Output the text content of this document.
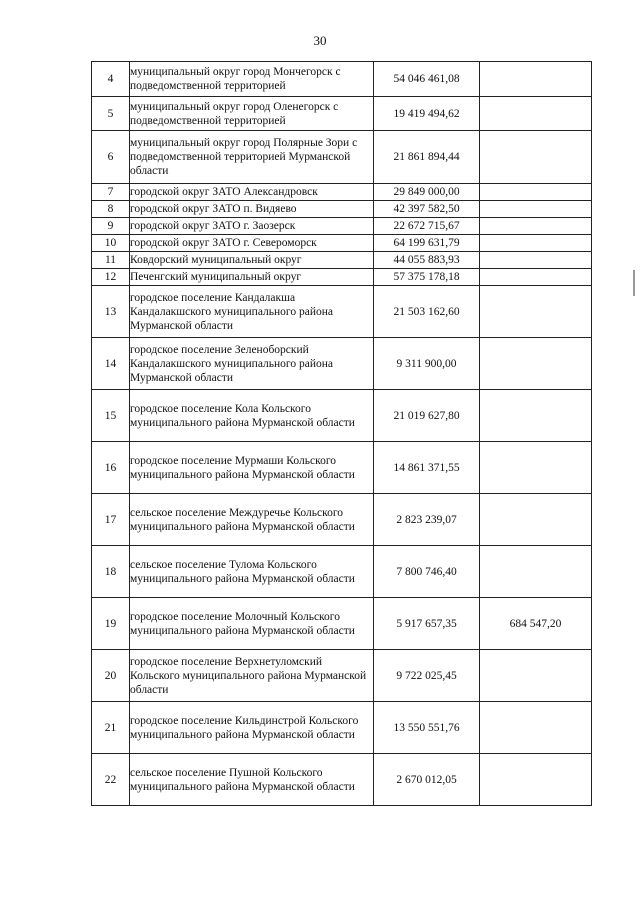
30
4	муниципальный округ город Мончегорск с подведомственной территорией	54 046 461,08	
5	муниципальный округ город Оленегорск с подведомственной территорией	19 419 494,62	
6	муниципальный округ город Полярные Зори с подведомственной территорией Мурманской области	21 861 894,44	
7	городской округ ЗАТО Александровск	29 849 000,00	
8	городской округ ЗАТО п. Видяево	42 397 582,50	
9	городской округ ЗАТО г. Заозерск	22 672 715,67	
10	городской округ ЗАТО г. Североморск	64 199 631,79	
11	Ковдорский муниципальный округ	44 055 883,93	
12	Печенгский муниципальный округ	57 375 178,18	
13	городское поселение Кандалакша Кандалакшского муниципального района Мурманской области	21 503 162,60	
14	городское поселение Зеленоборский Кандалакшского муниципального района Мурманской области	9 311 900,00	
15	городское поселение Кола Кольского муниципального района Мурманской области	21 019 627,80	
16	городское поселение Мурмаши Кольского муниципального района Мурманской области	14 861 371,55	
17	сельское поселение Междуречье Кольского муниципального района Мурманской области	2 823 239,07	
18	сельское поселение Тулома Кольского муниципального района Мурманской области	7 800 746,40	
19	городское поселение Молочный Кольского муниципального района Мурманской области	5 917 657,35	684 547,20
20	городское поселение Верхнетуломский Кольского муниципального района Мурманской области	9 722 025,45	
21	городское поселение Кильдинстрой Кольского муниципального района Мурманской области	13 550 551,76	
22	сельское поселение Пушной Кольского муниципального района Мурманской области	2 670 012,05	
